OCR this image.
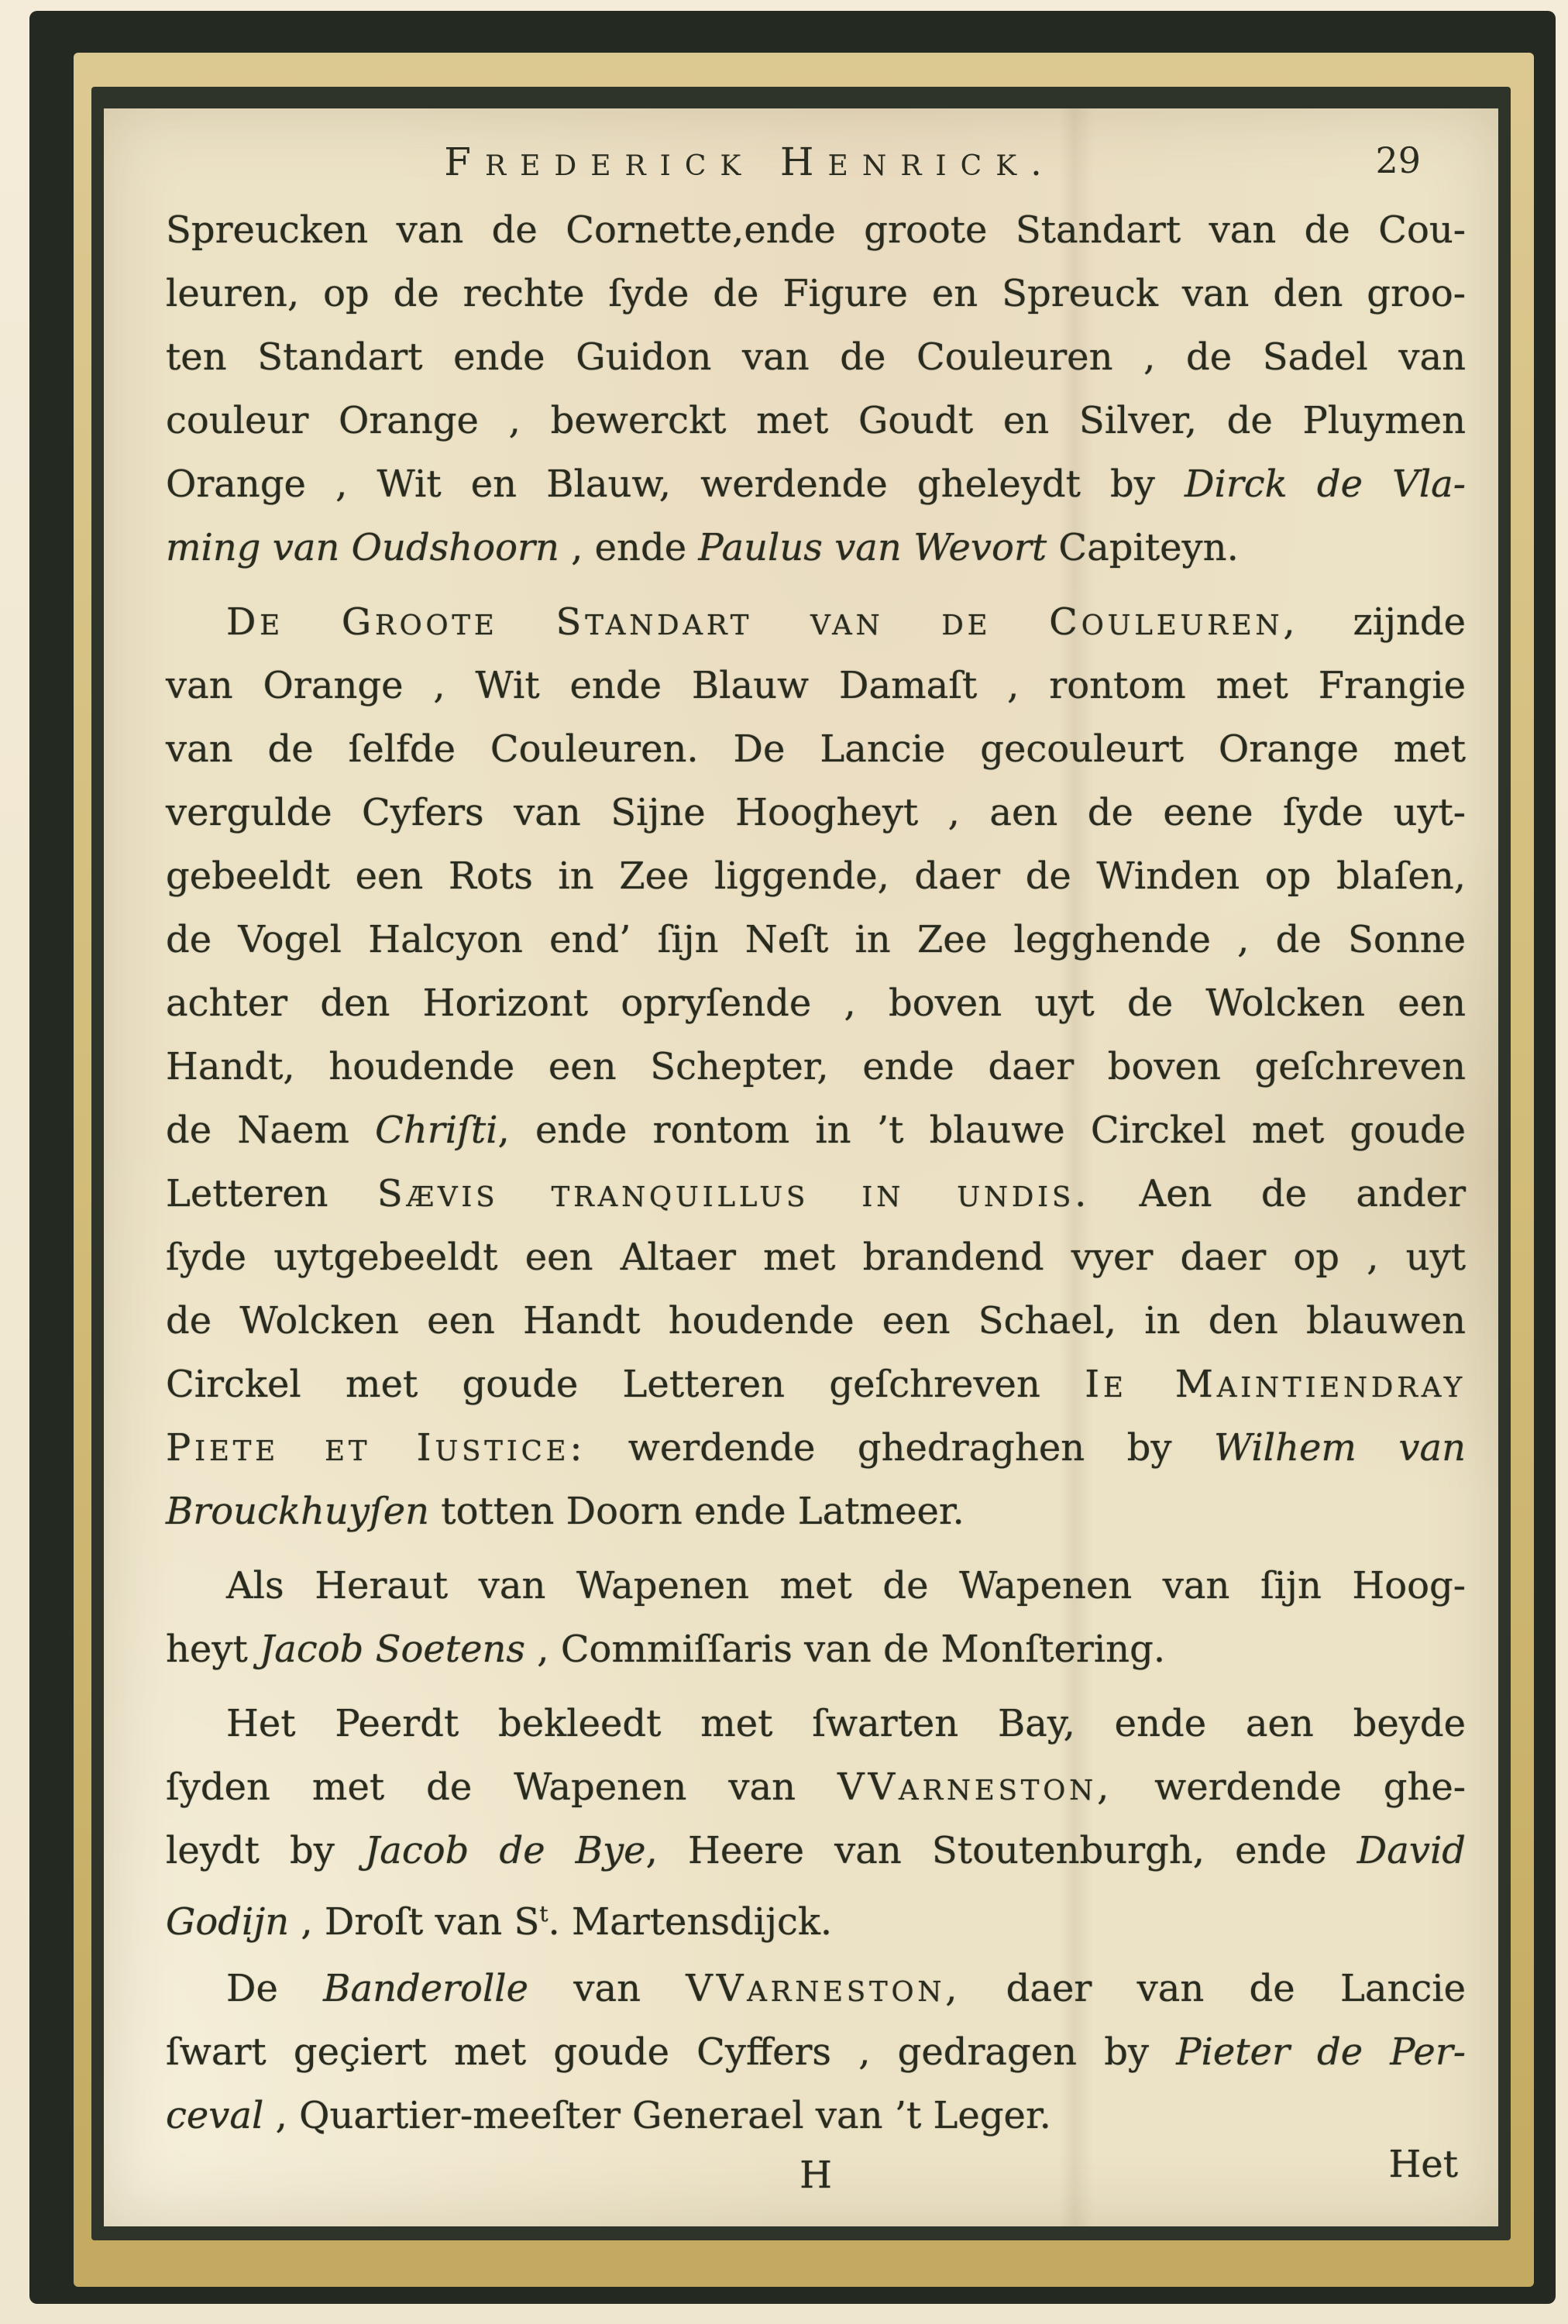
FREDERICK HENRICK.	29
Spreucken van de Cornette,ende groote Standart van de Cou-
leuren, op de rechte ſyde de Figure en Spreuck van den groo-
ten Standart ende Guidon van de Couleuren , de Sadel van
couleur Orange , bewerckt met Goudt en Silver, de Pluymen
Orange , Wit en Blauw, werdende gheleydt by Dirck de Vla-
ming van Oudshoorn , ende Paulus van Wevort Capiteyn.
DE GROOTE STANDART VAN DE COULEUREN, zijnde
van Orange , Wit ende Blauw Damaſt , rontom met Frangie
van de ſelfde Couleuren. De Lancie gecouleurt Orange met
vergulde Cyfers van Sijne Hoogheyt , aen de eene ſyde uyt-
gebeeldt een Rots in Zee liggende, daer de Winden op blaſen,
de Vogel Halcyon end’ ſijn Neſt in Zee legghende , de Sonne
achter den Horizont opryſende , boven uyt de Wolcken een
Handt, houdende een Schepter, ende daer boven geſchreven
de Naem Chriſti, ende rontom in ’t blauwe Circkel met goude
Letteren SÆVIS TRANQUILLUS IN UNDIS. Aen de ander
ſyde uytgebeeldt een Altaer met brandend vyer daer op , uyt
de Wolcken een Handt houdende een Schael, in den blauwen
Circkel met goude Letteren geſchreven IE MAINTIENDRAY
PIETE ET IUSTICE: werdende ghedraghen by Wilhem van
Brouckhuyſen totten Doorn ende Latmeer.
Als Heraut van Wapenen met de Wapenen van ſijn Hoog-
heyt Jacob Soetens , Commiſſaris van de Monſtering.
Het Peerdt bekleedt met ſwarten Bay, ende aen beyde
ſyden met de Wapenen van VVARNESTON, werdende ghe-
leydt by Jacob de Bye, Heere van Stoutenburgh, ende David
Godijn , Droſt van $S^t$. Martensdijck.
De Banderolle van VVARNESTON, daer van de Lancie
ſwart geçiert met goude Cyffers , gedragen by Pieter de Per-
ceval , Quartier-meeſter Generael van ’t Leger.
H	Het
